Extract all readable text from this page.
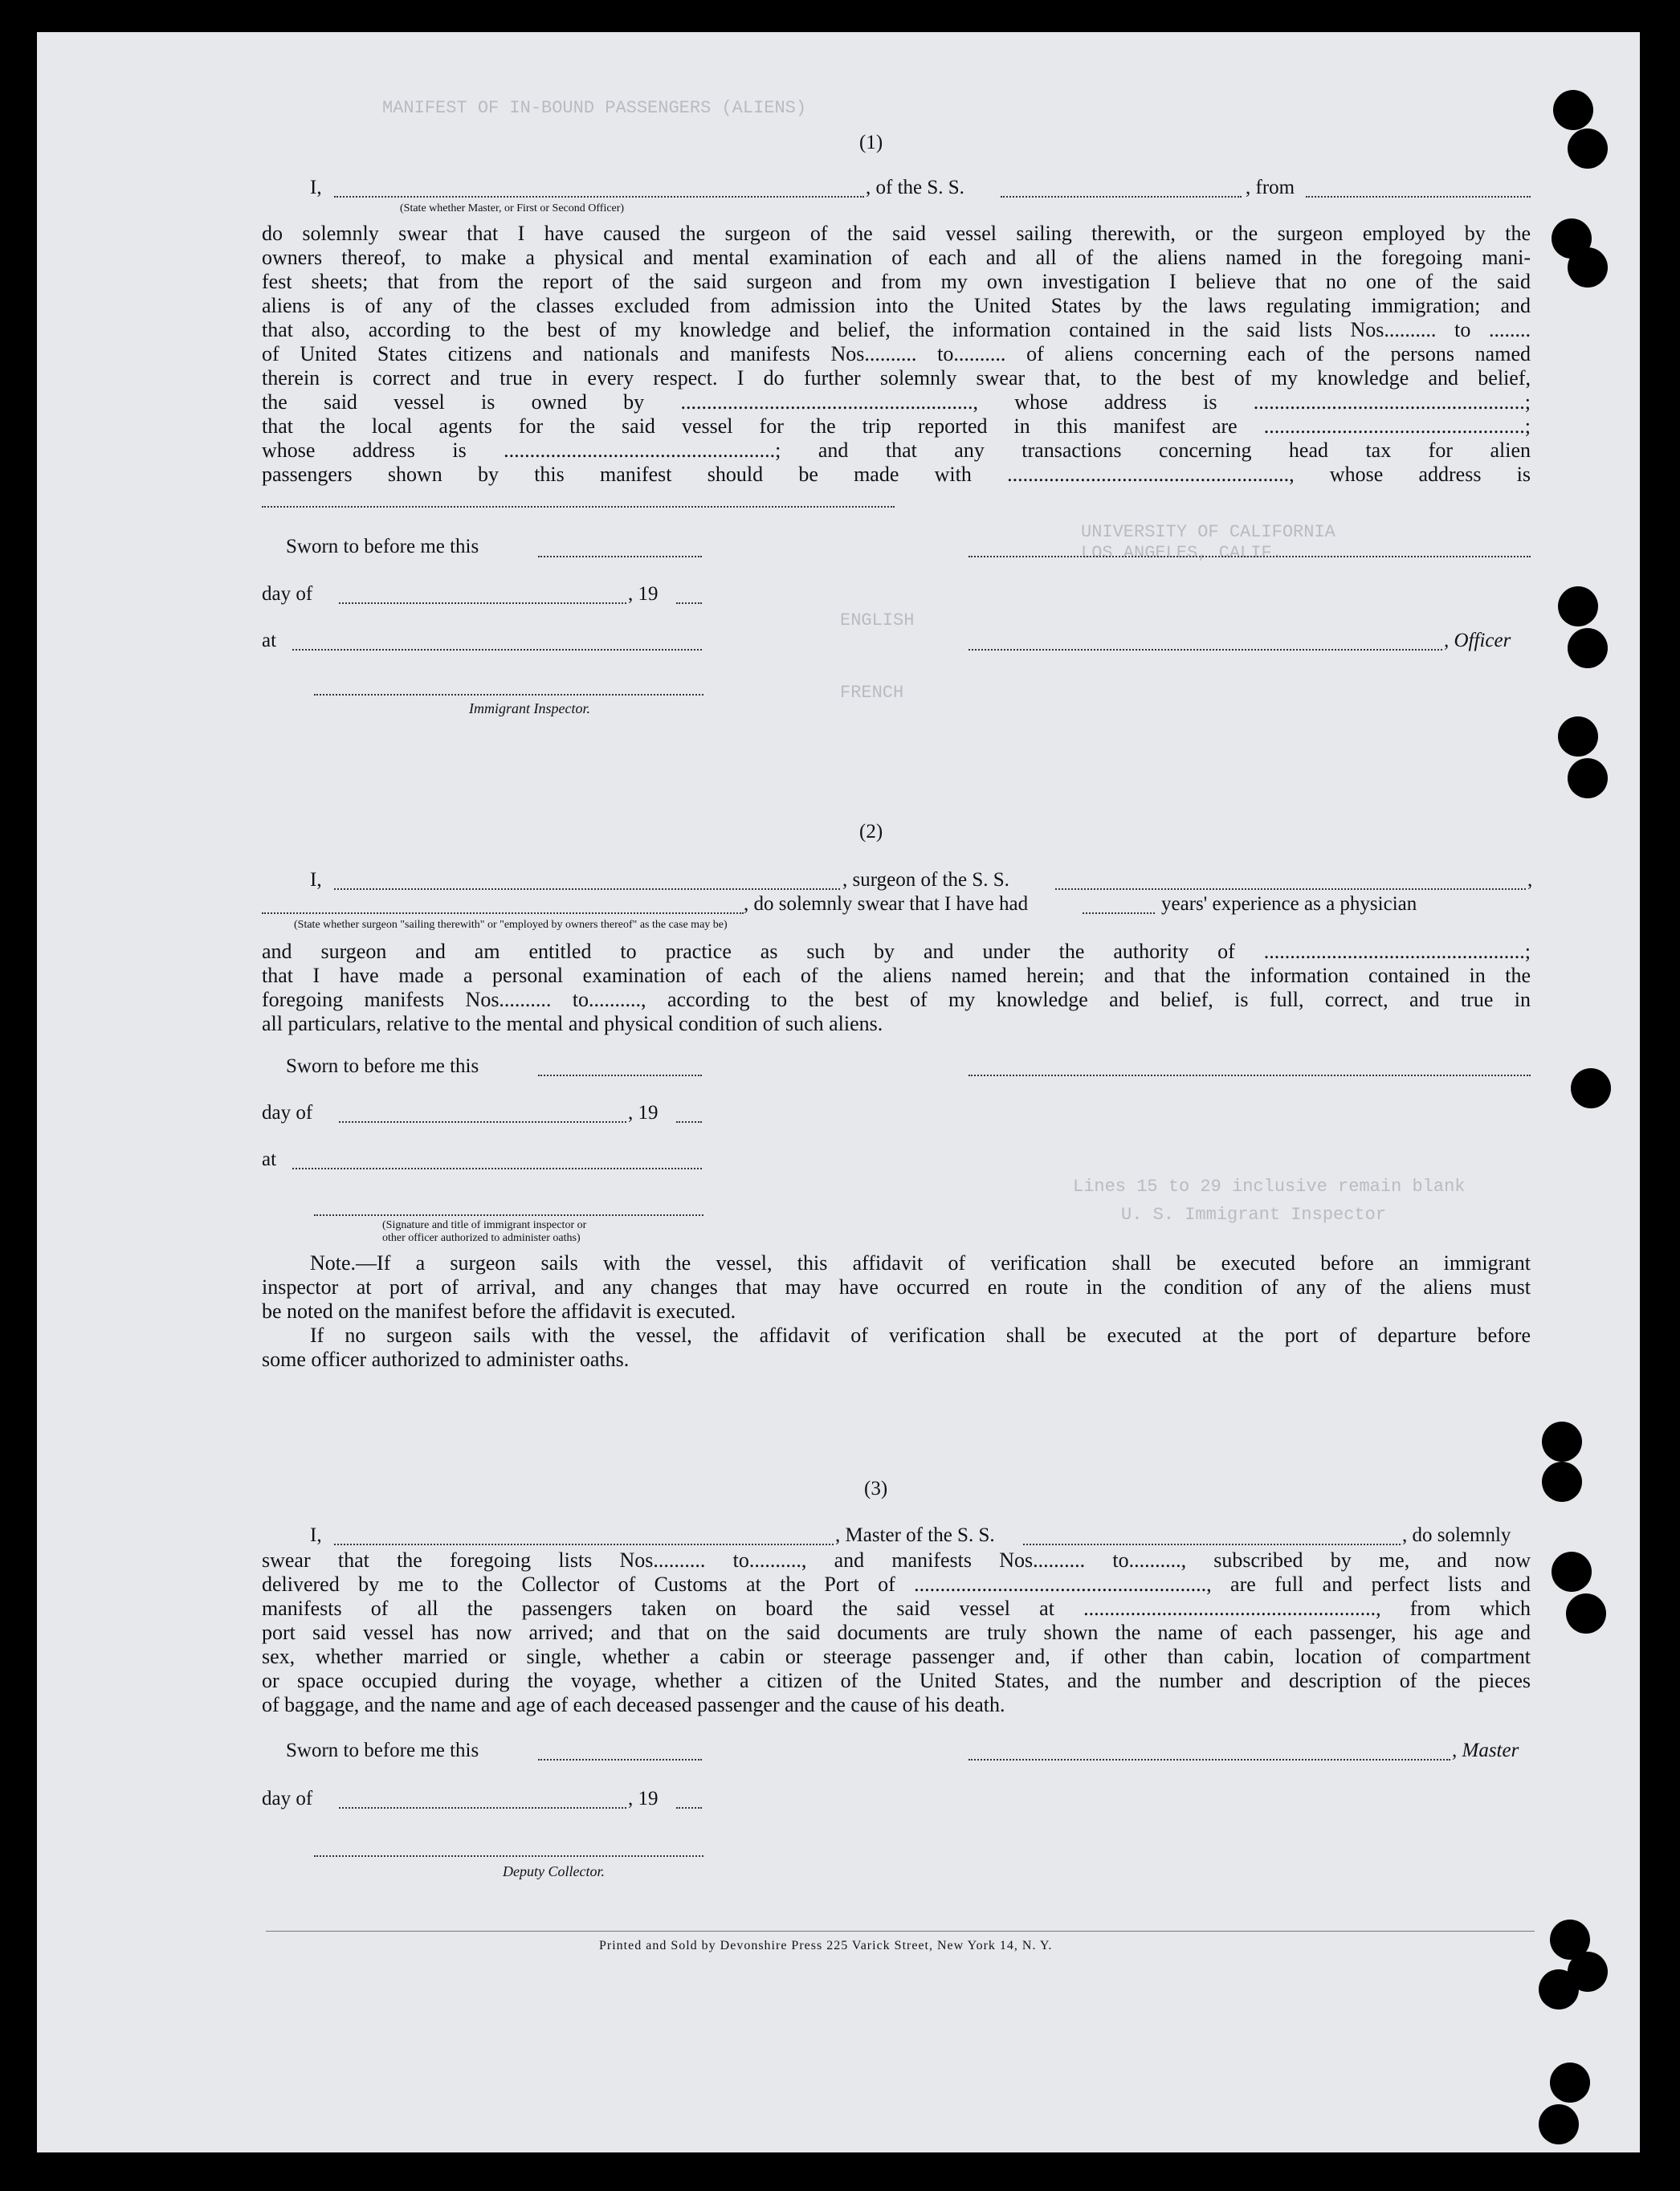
MANIFEST OF IN-BOUND PASSENGERS (ALIENS)
UNIVERSITY OF CALIFORNIA
LOS ANGELES, CALIF.
ENGLISH
FRENCH
Lines 15 to 29 inclusive remain blank
U. S. Immigrant Inspector
(1)
I,	, of the S. S.	, from
(State whether Master, or First or Second Officer)
do solemnly swear that I have caused the surgeon of the said vessel sailing therewith, or the surgeon employed by the
owners thereof, to make a physical and mental examination of each and all of the aliens named in the foregoing mani-
fest sheets; that from the report of the said surgeon and from my own investigation I believe that no one of the said
aliens is of any of the classes excluded from admission into the United States by the laws regulating immigration; and
that also, according to the best of my knowledge and belief, the information contained in the said lists Nos.......... to ........
of United States citizens and nationals and manifests Nos.......... to.......... of aliens concerning each of the persons named
therein is correct and true in every respect. I do further solemnly swear that, to the best of my knowledge and belief,
the said vessel is owned by ........................................................, whose address is ....................................................;
that the local agents for the said vessel for the trip reported in this manifest are ..................................................;
whose address is ....................................................; and that any transactions concerning head tax for alien
passengers shown by this manifest should be made with ......................................................, whose address is
Sworn to before me this
day of	, 19
at	, Officer
Immigrant Inspector.
(2)
I,	, surgeon of the S. S.	,
, do solemnly swear that I have had	years' experience as a physician
(State whether surgeon "sailing therewith" or "employed by owners thereof" as the case may be)
and surgeon and am entitled to practice as such by and under the authority of ..................................................;
that I have made a personal examination of each of the aliens named herein; and that the information contained in the
foregoing manifests Nos.......... to.........., according to the best of my knowledge and belief, is full, correct, and true in
all particulars, relative to the mental and physical condition of such aliens.
Sworn to before me this
day of	, 19
at
(Signature and title of immigrant inspector or
other officer authorized to administer oaths)
Note.—If a surgeon sails with the vessel, this affidavit of verification shall be executed before an immigrant
inspector at port of arrival, and any changes that may have occurred en route in the condition of any of the aliens must
be noted on the manifest before the affidavit is executed.
If no surgeon sails with the vessel, the affidavit of verification shall be executed at the port of departure before
some officer authorized to administer oaths.
(3)
I,	, Master of the S. S.	, do solemnly
swear that the foregoing lists Nos.......... to.........., and manifests Nos.......... to.........., subscribed by me, and now
delivered by me to the Collector of Customs at the Port of ........................................................, are full and perfect lists and
manifests of all the passengers taken on board the said vessel at ........................................................, from which
port said vessel has now arrived; and that on the said documents are truly shown the name of each passenger, his age and
sex, whether married or single, whether a cabin or steerage passenger and, if other than cabin, location of compartment
or space occupied during the voyage, whether a citizen of the United States, and the number and description of the pieces
of baggage, and the name and age of each deceased passenger and the cause of his death.
Sworn to before me this	, Master
day of	, 19
Deputy Collector.
Printed and Sold by Devonshire Press 225 Varick Street, New York 14, N. Y.
